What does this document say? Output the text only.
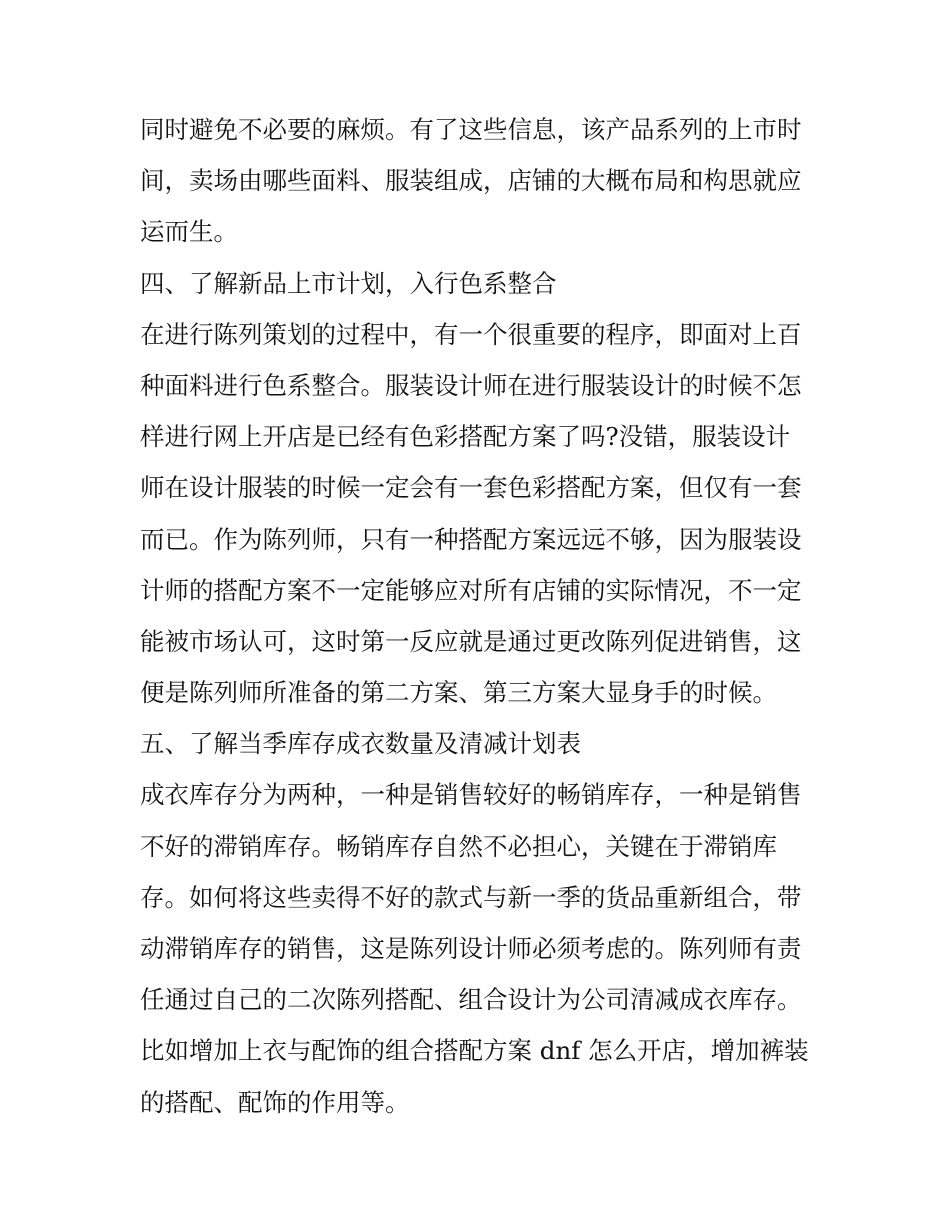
同时避免不必要的麻烦。有了这些信息，该产品系列的上市时
间，卖场由哪些面料、服装组成，店铺的大概布局和构思就应
运而生。
四、了解新品上市计划，入行色系整合
在进行陈列策划的过程中，有一个很重要的程序，即面对上百
种面料进行色系整合。服装设计师在进行服装设计的时候不怎
样进行网上开店是已经有色彩搭配方案了吗?没错，服装设计
师在设计服装的时候一定会有一套色彩搭配方案，但仅有一套
而已。作为陈列师，只有一种搭配方案远远不够，因为服装设
计师的搭配方案不一定能够应对所有店铺的实际情况，不一定
能被市场认可，这时第一反应就是通过更改陈列促进销售，这
便是陈列师所准备的第二方案、第三方案大显身手的时候。
五、了解当季库存成衣数量及清减计划表
成衣库存分为两种，一种是销售较好的畅销库存，一种是销售
不好的滞销库存。畅销库存自然不必担心，关键在于滞销库
存。如何将这些卖得不好的款式与新一季的货品重新组合，带
动滞销库存的销售，这是陈列设计师必须考虑的。陈列师有责
任通过自己的二次陈列搭配、组合设计为公司清减成衣库存。
比如增加上衣与配饰的组合搭配方案 dnf 怎么开店，增加裤装
的搭配、配饰的作用等。
